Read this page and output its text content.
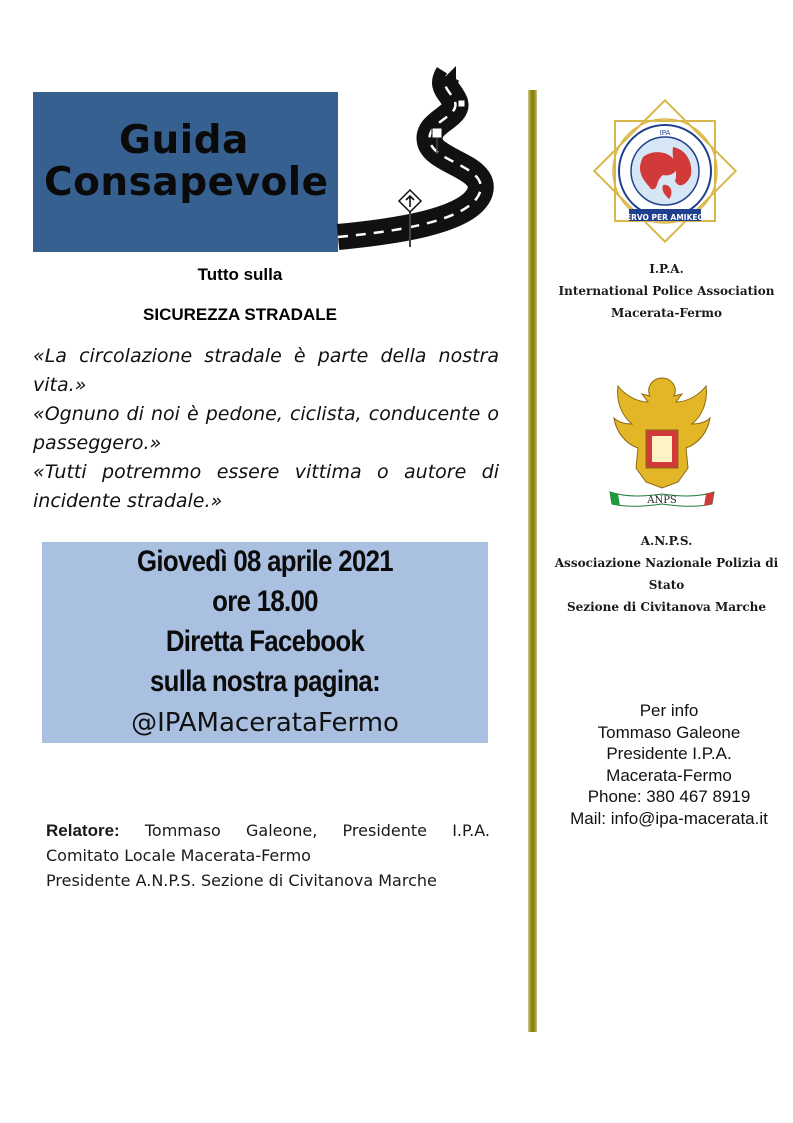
Guida
Consapevole
Tutto sulla
SICUREZZA STRADALE

«La circolazione stradale è parte della nostra vita.»

«Ognuno di noi è pedone, ciclista, conducente o passeggero.»

«Tutti potremmo essere vittima o autore di incidente stradale.»

Giovedì 08 aprile 2021
ore 18.00
Diretta Facebook
sulla nostra pagina:
@IPAMacerataFermo
Relatore: Tommaso Galeone, Presidente I.P.A.
Comitato Locale Macerata-Fermo
Presidente A.N.P.S. Sezione di Civitanova Marche
IPA
SERVO PER AMIKECO
I.P.A.
International Police Association
Macerata-Fermo
ANPS
A.N.P.S.
Associazione Nazionale Polizia di Stato
Sezione di Civitanova Marche
Per info
Tommaso Galeone
Presidente I.P.A.
Macerata-Fermo
Phone: 380 467 8919
Mail: info@ipa-macerata.it
